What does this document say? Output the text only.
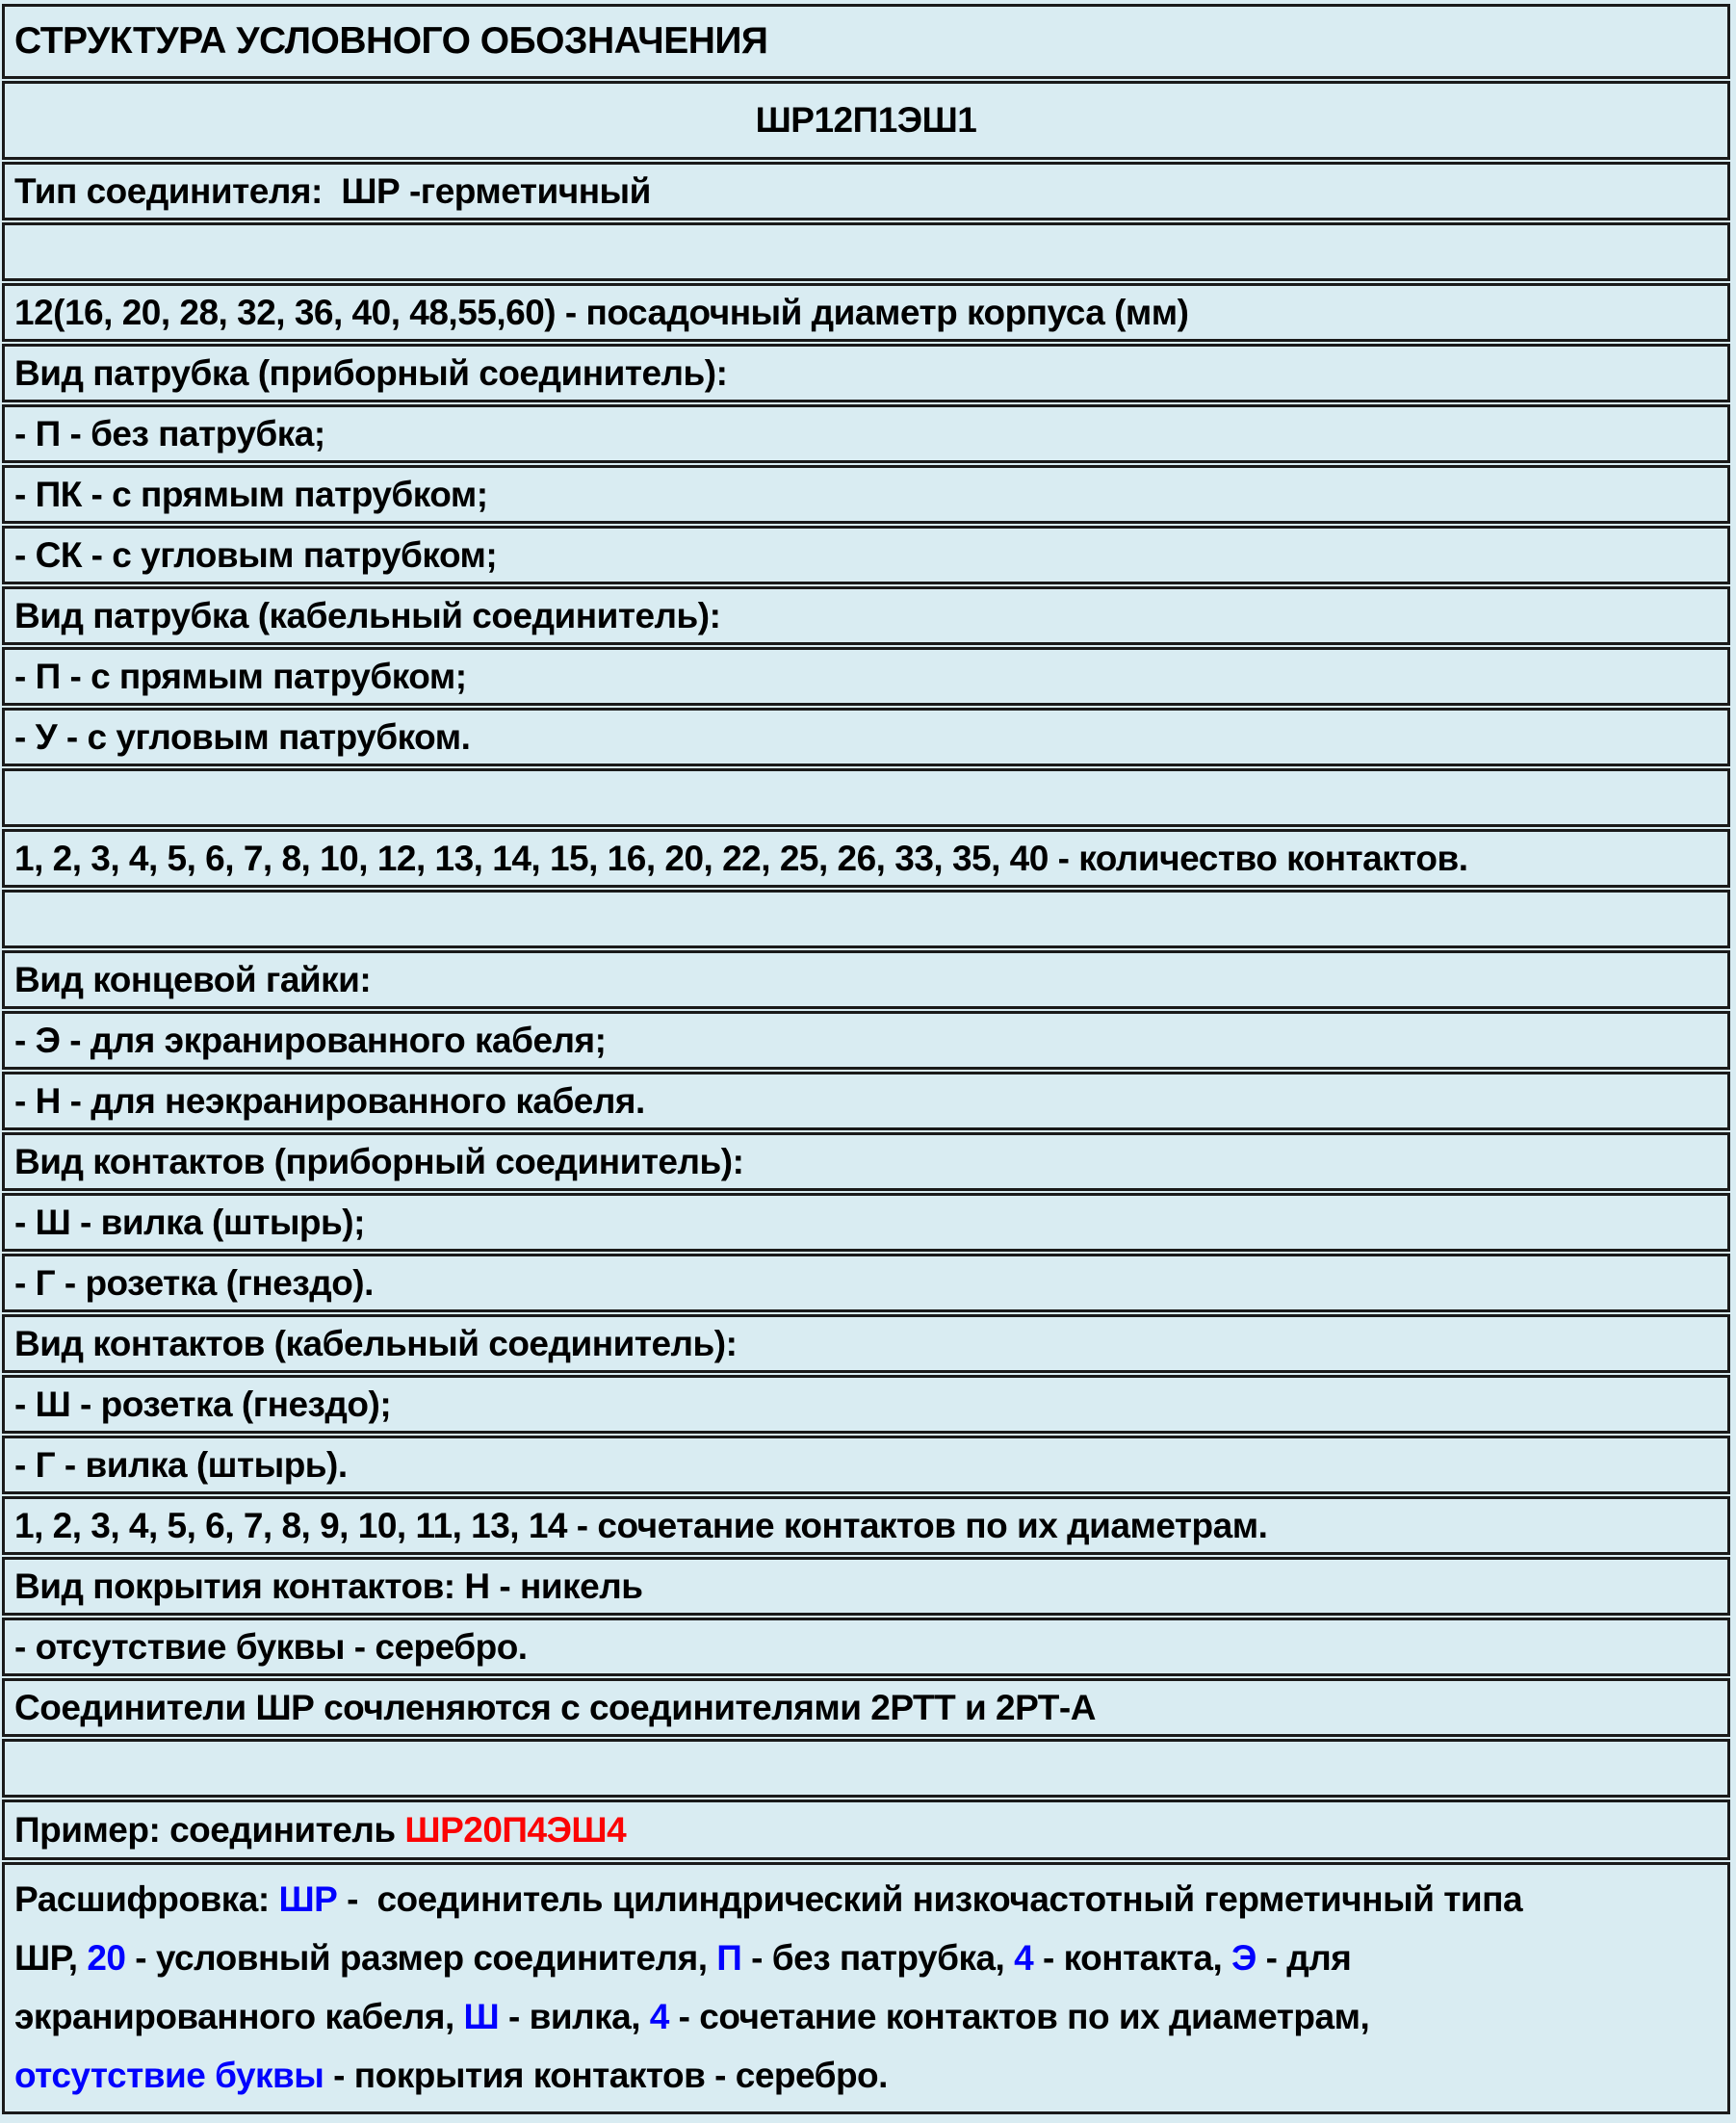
СТРУКТУРА УСЛОВНОГО ОБОЗНАЧЕНИЯ
ШР12П1ЭШ1
Тип соединителя:  ШР -герметичный
12(16, 20, 28, 32, 36, 40, 48,55,60) - посадочный диаметр корпуса (мм)
Вид патрубка (приборный соединитель):
- П - без патрубка;
- ПК - с прямым патрубком;
- СК - с угловым патрубком;
Вид патрубка (кабельный соединитель):
- П - с прямым патрубком;
- У - с угловым патрубком.
1, 2, 3, 4, 5, 6, 7, 8, 10, 12, 13, 14, 15, 16, 20, 22, 25, 26, 33, 35, 40 - количество контактов.
Вид концевой гайки:
- Э - для экранированного кабеля;
- Н - для неэкранированного кабеля.
Вид контактов (приборный соединитель):
- Ш - вилка (штырь);
- Г - розетка (гнездо).
Вид контактов (кабельный соединитель):
- Ш - розетка (гнездо);
- Г - вилка (штырь).
1, 2, 3, 4, 5, 6, 7, 8, 9, 10, 11, 13, 14 - сочетание контактов по их диаметрам.
Вид покрытия контактов: Н - никель
- отсутствие буквы - серебро.
Соединители ШР сочленяются с соединителями 2РТТ и 2РТ-А
Пример: соединитель ШР20П4ЭШ4
Расшифровка: ШР -  соединитель цилиндрический низкочастотный герметичный типа
ШР, 20 - условный размер соединителя, П - без патрубка, 4 - контакта, Э - для
экранированного кабеля, Ш - вилка, 4 - сочетание контактов по их диаметрам,
отсутствие буквы - покрытия контактов - серебро.
